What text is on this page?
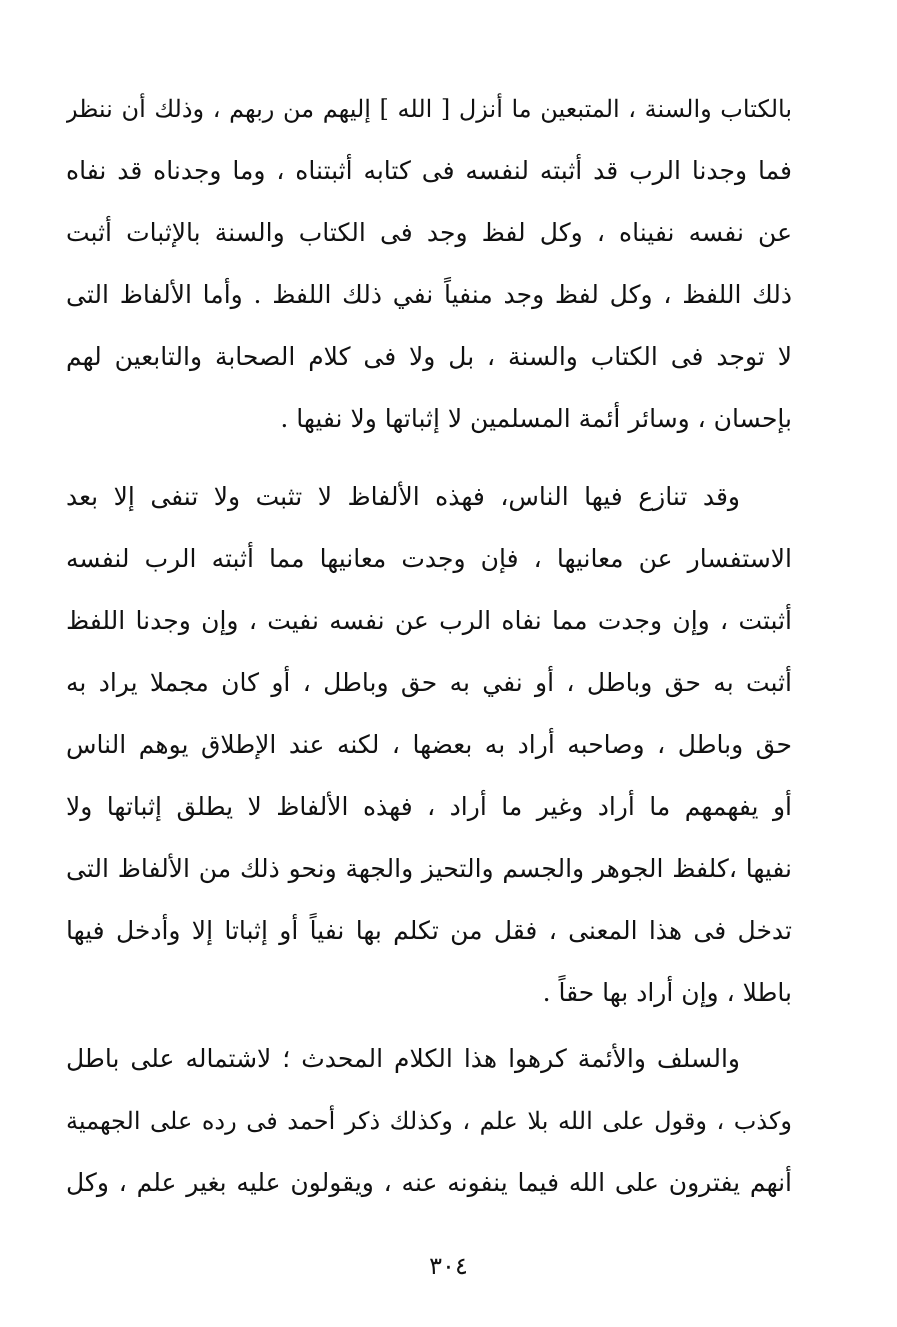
بالكتاب والسنة ، المتبعين ما أنزل [ الله ] إليهم من ربهم ، وذلك أن ننظر
فما وجدنا الرب قد أثبته لنفسه فى كتابه أثبتناه ، وما وجدناه قد نفاه
عن نفسه نفيناه ، وكل لفظ وجد فى الكتاب والسنة بالإثبات أثبت
ذلك اللفظ ، وكل لفظ وجد منفياً نفي ذلك اللفظ . وأما الألفاظ التى
لا توجد فى الكتاب والسنة ، بل ولا فى كلام الصحابة والتابعين لهم
بإحسان ، وسائر أئمة المسلمين لا إثباتها ولا نفيها .
وقد تنازع فيها الناس، فهذه الألفاظ لا تثبت ولا تنفى إلا بعد
الاستفسار عن معانيها ، فإن وجدت معانيها مما أثبته الرب لنفسه
أثبتت ، وإن وجدت مما نفاه الرب عن نفسه نفيت ، وإن وجدنا اللفظ
أثبت به حق وباطل ، أو نفي به حق وباطل ، أو كان مجملا يراد به
حق وباطل ، وصاحبه أراد به بعضها ، لكنه عند الإطلاق يوهم الناس
أو يفهمهم ما أراد وغير ما أراد ، فهذه الألفاظ لا يطلق إثباتها ولا
نفيها ،كلفظ الجوهر والجسم والتحيز والجهة ونحو ذلك من الألفاظ التى
تدخل فى هذا المعنى ، فقل من تكلم بها نفياً أو إثباتا إلا وأدخل فيها
باطلا ، وإن أراد بها حقاً .
والسلف والأئمة كرهوا هذا الكلام المحدث ؛ لاشتماله على باطل
وكذب ، وقول على الله بلا علم ، وكذلك ذكر أحمد فى رده على الجهمية
أنهم يفترون على الله فيما ينفونه عنه ، ويقولون عليه بغير علم ، وكل
٣٠٤
